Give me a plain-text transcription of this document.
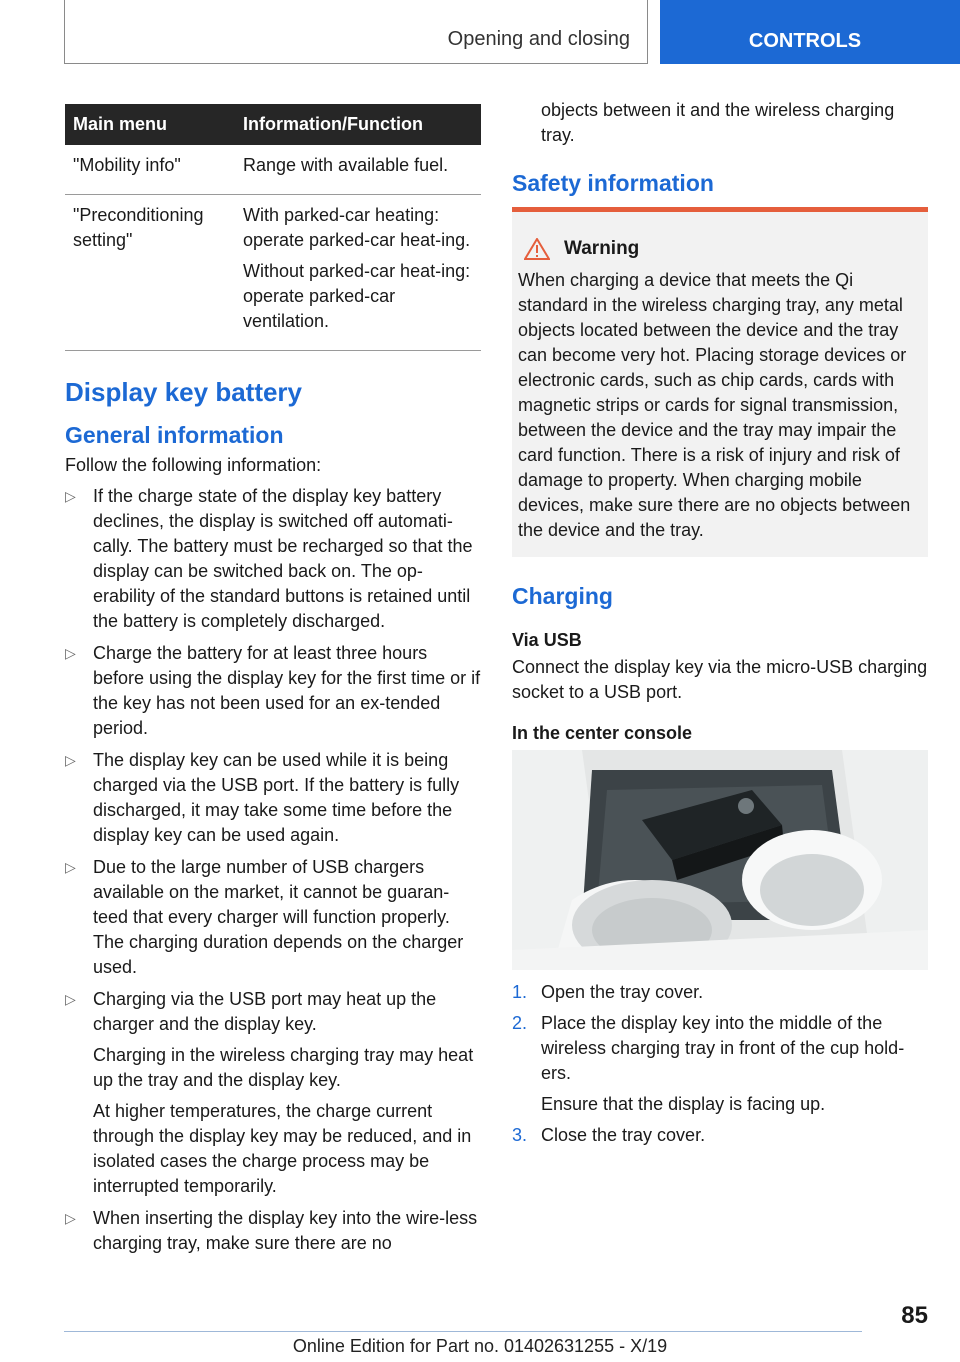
Opening and closing	CONTROLS
Main menu	Information/Function
"Mobility info"	Range with available fuel.

"Preconditioning setting"	With parked-car heating: operate parked-car heat-ing.

Without parked-car heat-ing: operate parked-car ventilation.

Display key battery
General information

Follow the following information:

▷ If the charge state of the display key battery declines, the display is switched off automati-cally. The battery must be recharged so that the display can be switched back on. The op-erability of the standard buttons is retained until the battery is completely discharged.

▷ Charge the battery for at least three hours before using the display key for the first time or if the key has not been used for an ex-tended period.

▷ The display key can be used while it is being charged via the USB port. If the battery is fully discharged, it may take some time before the display key can be used again.

▷ Due to the large number of USB chargers available on the market, it cannot be guaran-teed that every charger will function properly. The charging duration depends on the charger used.

▷ Charging via the USB port may heat up the charger and the display key.

Charging in the wireless charging tray may heat up the tray and the display key.

At higher temperatures, the charge current through the display key may be reduced, and in isolated cases the charge process may be interrupted temporarily.

▷ When inserting the display key into the wire-less charging tray, make sure there are no

objects between it and the wireless charging tray.

Safety information
Warning

When charging a device that meets the Qi standard in the wireless charging tray, any metal objects located between the device and the tray can become very hot. Placing storage devices or electronic cards, such as chip cards, cards with magnetic strips or cards for signal transmission, between the device and the tray may impair the card function. There is a risk of injury and risk of damage to property. When charging mobile devices, make sure there are no objects between the device and the tray.

Charging
Via USB

Connect the display key via the micro-USB charging socket to a USB port.

In the center console
1. Open the tray cover.

2. Place the display key into the middle of the wireless charging tray in front of the cup hold-ers.

Ensure that the display is facing up.

3. Close the tray cover.

85
Online Edition for Part no. 01402631255 - X/19
